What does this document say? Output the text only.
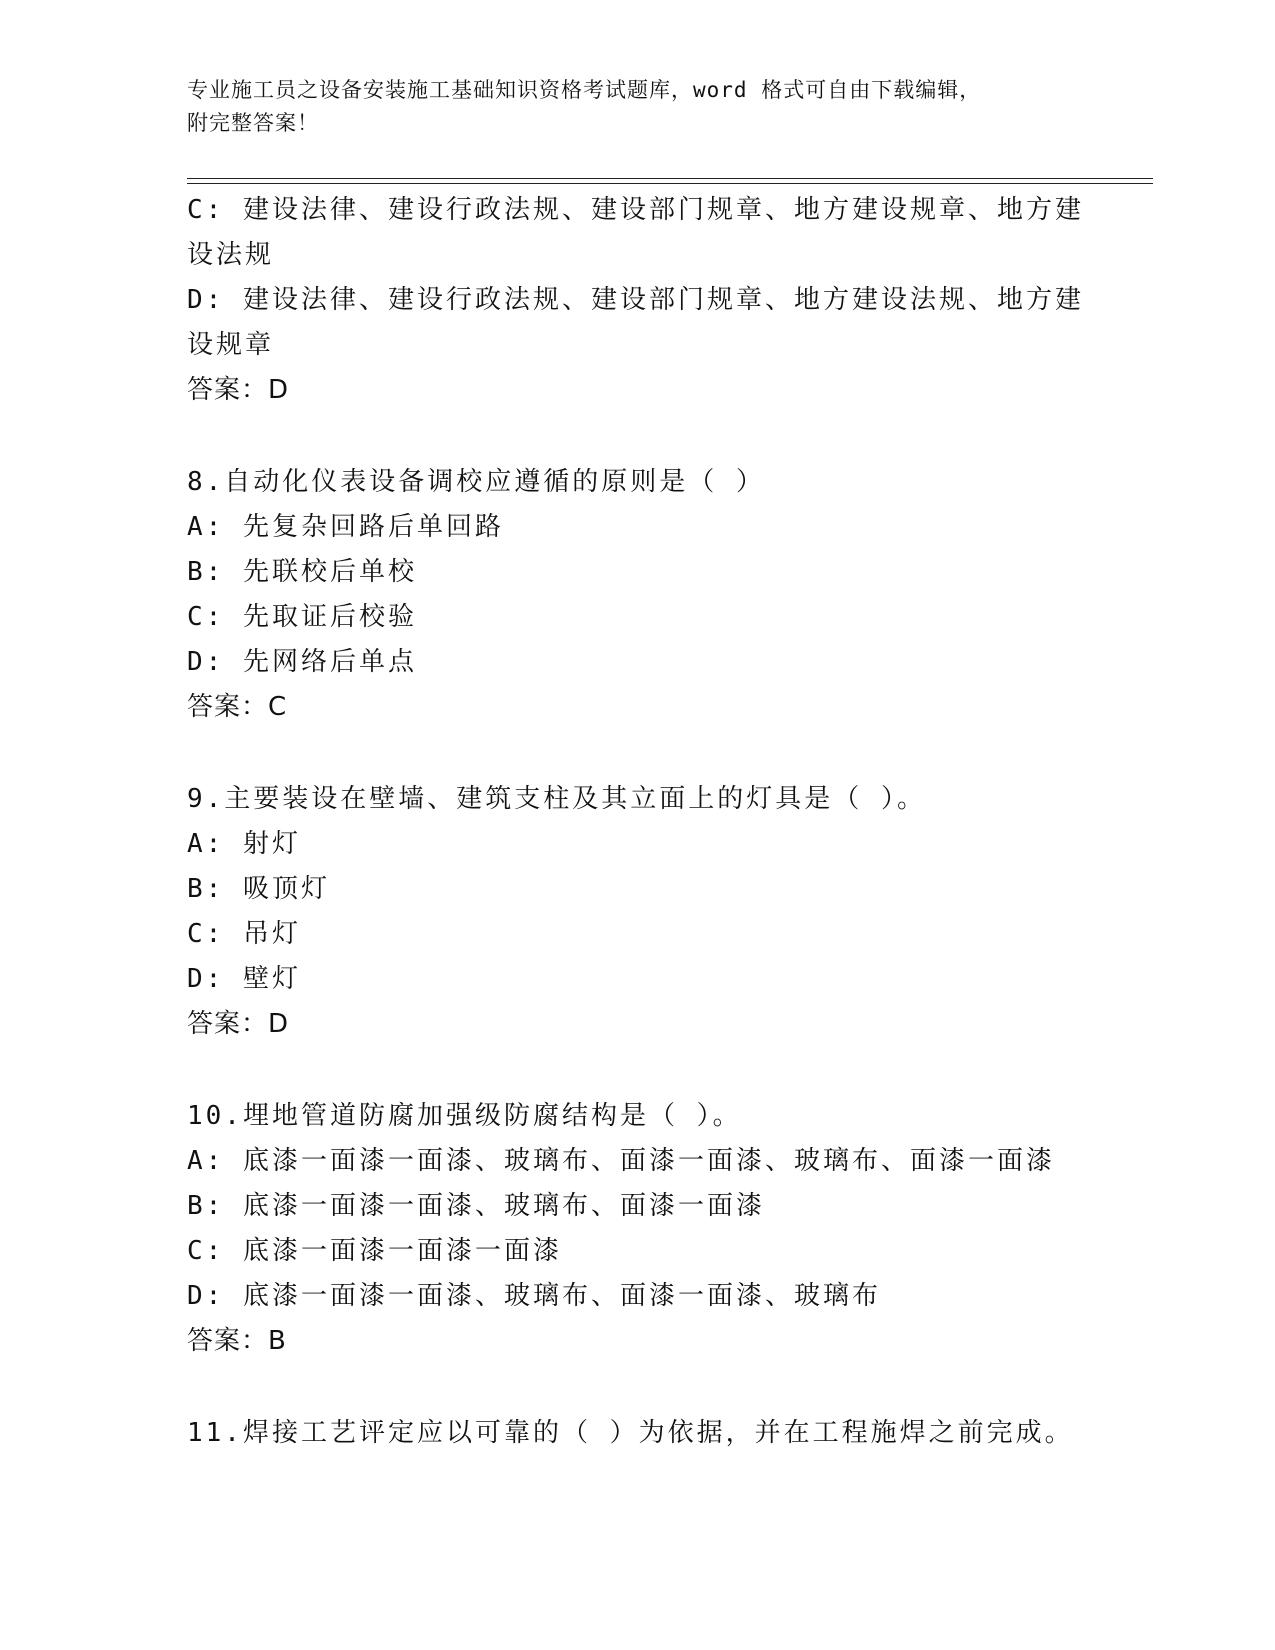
专业施工员之设备安装施工基础知识资格考试题库，word 格式可自由下载编辑，
附完整答案！
C: 建设法律、建设行政法规、建设部门规章、地方建设规章、地方建
设法规
D: 建设法律、建设行政法规、建设部门规章、地方建设法规、地方建
设规章
答案：D
8.自动化仪表设备调校应遵循的原则是（ ）
A: 先复杂回路后单回路
B: 先联校后单校
C: 先取证后校验
D: 先网络后单点
答案：C
9.主要装设在壁墙、建筑支柱及其立面上的灯具是（ ）。
A: 射灯
B: 吸顶灯
C: 吊灯
D: 壁灯
答案：D
10.埋地管道防腐加强级防腐结构是（ ）。
A: 底漆一面漆一面漆、玻璃布、面漆一面漆、玻璃布、面漆一面漆
B: 底漆一面漆一面漆、玻璃布、面漆一面漆
C: 底漆一面漆一面漆一面漆
D: 底漆一面漆一面漆、玻璃布、面漆一面漆、玻璃布
答案：B
11.焊接工艺评定应以可靠的（ ）为依据，并在工程施焊之前完成。
